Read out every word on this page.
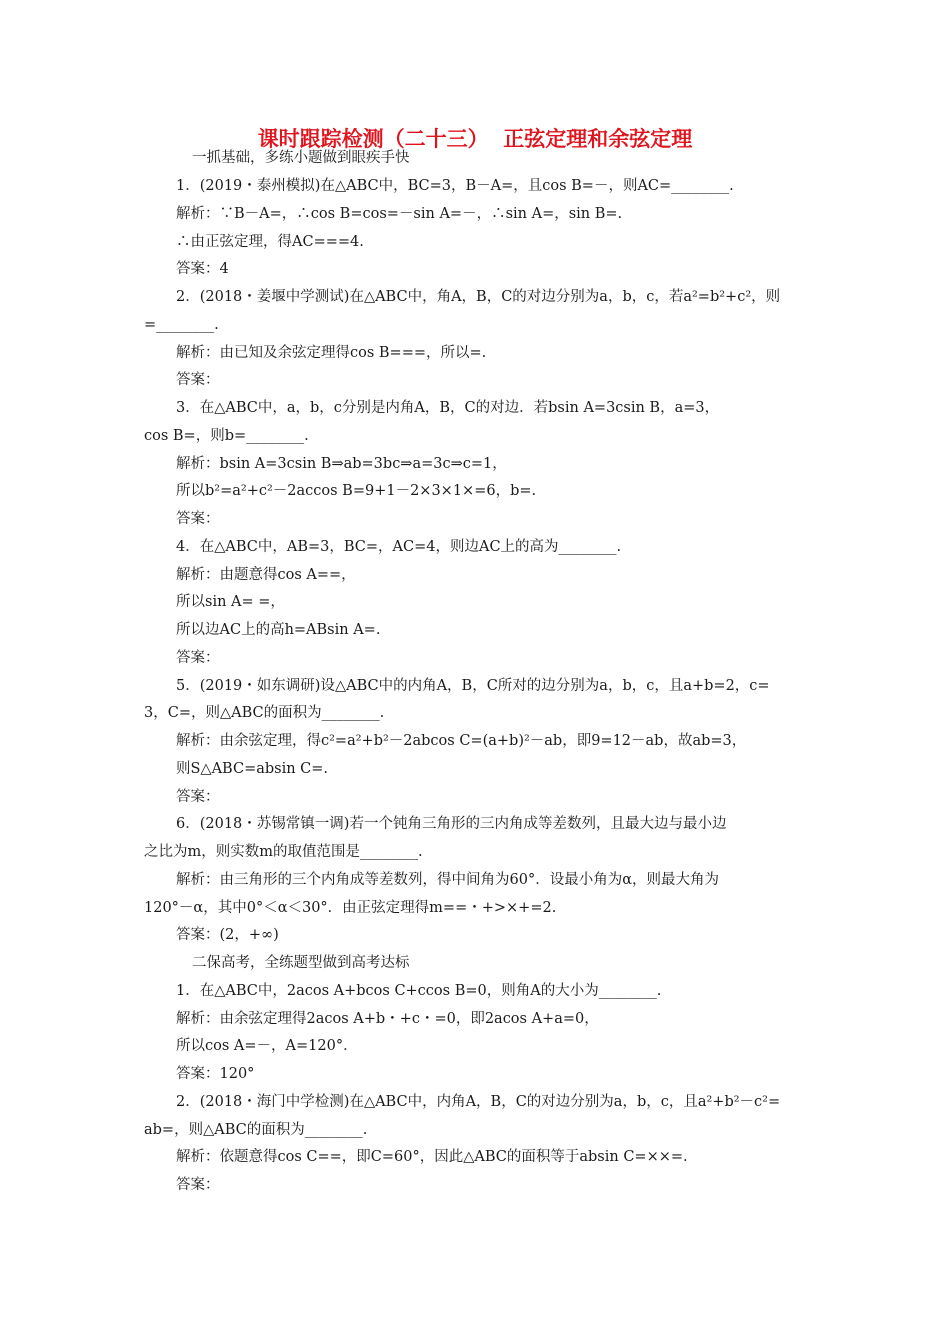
课时跟踪检测（二十三）  正弦定理和余弦定理
一抓基础，多练小题做到眼疾手快
1．(2019・泰州模拟)在△ABC中，BC=3，B－A=，且cos B=－，则AC=________.
解析：∵B－A=，∴cos B=cos=－sin A=－，∴sin A=，sin B=.
∴由正弦定理，得AC===4.
答案：4
2．(2018・姜堰中学测试)在△ABC中，角A，B，C的对边分别为a，b，c，若a²=b²+c²，则
=________.
解析：由已知及余弦定理得cos B===，所以=.
答案：
3．在△ABC中，a，b，c分别是内角A，B，C的对边．若bsin A=3csin B，a=3，
cos B=，则b=________.
解析：bsin A=3csin B⇒ab=3bc⇒a=3c⇒c=1，
所以b²=a²+c²－2accos B=9+1－2×3×1×=6，b=.
答案：
4．在△ABC中，AB=3，BC=，AC=4，则边AC上的高为________.
解析：由题意得cos A==，
所以sin A= =，
所以边AC上的高h=ABsin A=.
答案：
5．(2019・如东调研)设△ABC中的内角A，B，C所对的边分别为a，b，c，且a+b=2，c=
3，C=，则△ABC的面积为________.
解析：由余弦定理，得c²=a²+b²－2abcos C=(a+b)²－ab，即9=12－ab，故ab=3，
则S△ABC=absin C=.
答案：
6．(2018・苏锡常镇一调)若一个钝角三角形的三内角成等差数列，且最大边与最小边
之比为m，则实数m的取值范围是________.
解析：由三角形的三个内角成等差数列，得中间角为60°．设最小角为α，则最大角为
120°－α，其中0°＜α＜30°．由正弦定理得m==・+>×+=2.
答案：(2，+∞)
二保高考，全练题型做到高考达标
1．在△ABC中，2acos A+bcos C+ccos B=0，则角A的大小为________.
解析：由余弦定理得2acos A+b・+c・=0，即2acos A+a=0，
所以cos A=－，A=120°．
答案：120°
2．(2018・海门中学检测)在△ABC中，内角A，B，C的对边分别为a，b，c，且a²+b²－c²=
ab=，则△ABC的面积为________.
解析：依题意得cos C==，即C=60°，因此△ABC的面积等于absin C=××=.
答案：
